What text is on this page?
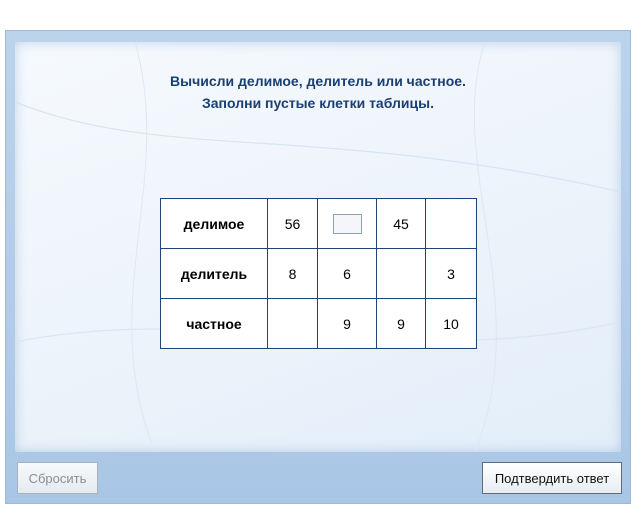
Вычисли делимое, делитель или частное.
Заполни пустые клетки таблицы.
делимое	56		45	
делитель	8	6		3
частное		9	9	10
Сбросить	Подтвердить ответ
